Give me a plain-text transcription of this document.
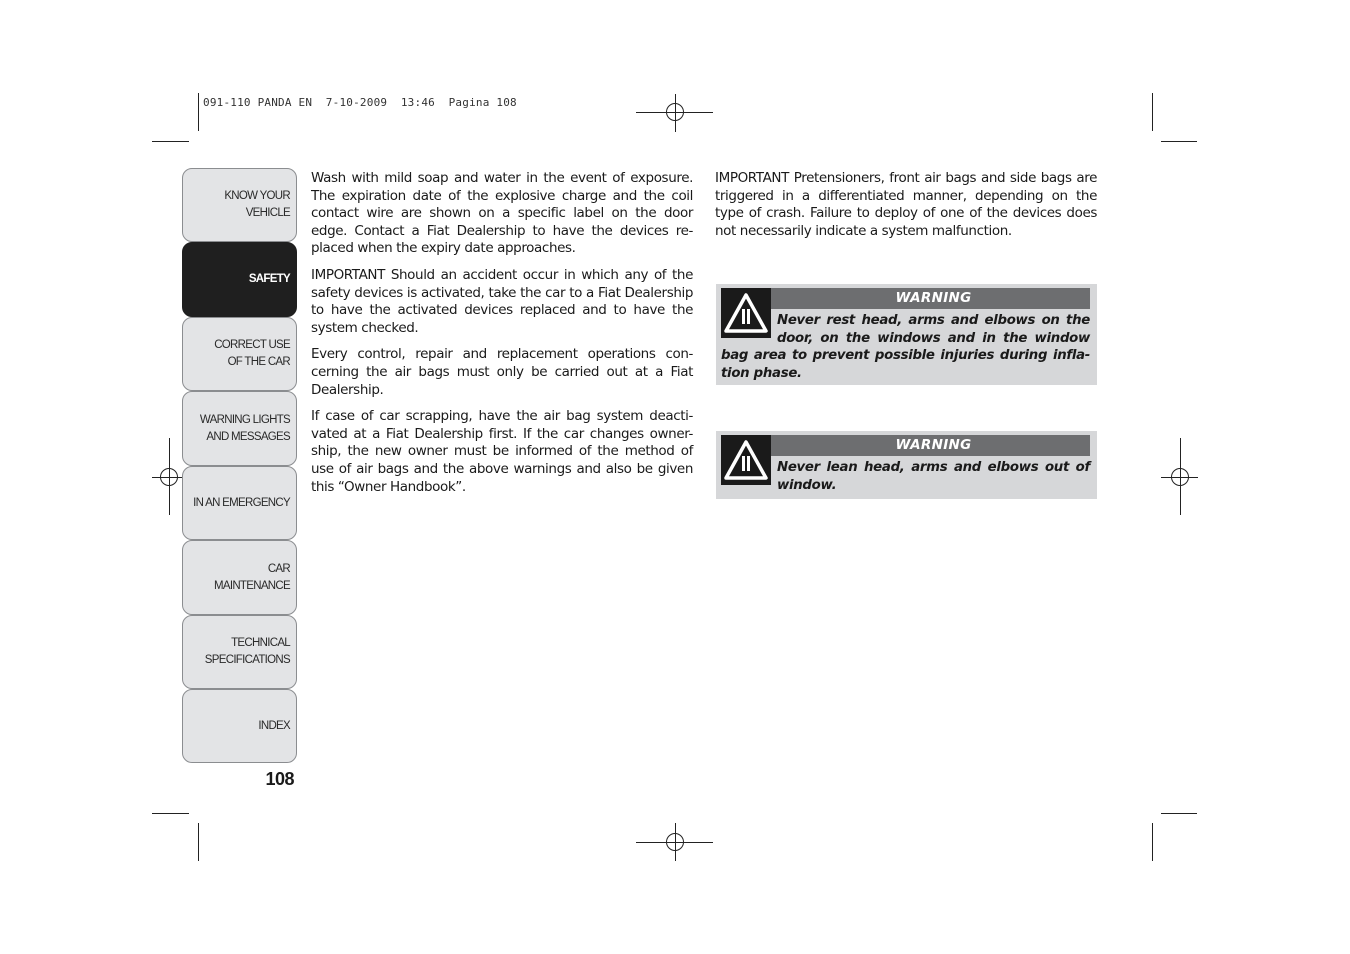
091-110 PANDA EN  7-10-2009  13:46  Pagina 108
KNOW YOUR
VEHICLE
SAFETY
CORRECT USE
OF THE CAR
WARNING LIGHTS
AND MESSAGES
IN AN EMERGENCY
CAR
MAINTENANCE
TECHNICAL
SPECIFICATIONS
INDEX
108

Wash with mild soap and water in the event of exposure. The expiration date of the explosive charge and the coil contact wire are shown on a specific label on the door edge. Contact a Fiat Dealership to have the devices re-placed when the expiry date approaches.

IMPORTANT Should an accident occur in which any of the safety devices is activated, take the car to a Fiat Dealership to have the activated devices replaced and to have the system checked.

Every control, repair and replacement operations con-cerning the air bags must only be carried out at a Fiat Dealership.

If case of car scrapping, have the air bag system deacti-vated at a Fiat Dealership first. If the car changes owner-ship, the new owner must be informed of the method of use of air bags and the above warnings and also be given this “Owner Handbook”.

IMPORTANT Pretensioners, front air bags and side bags are triggered in a differentiated manner, depending on the type of crash. Failure to deploy of one of the devices does not necessarily indicate a system malfunction.

WARNING
Never rest head, arms and elbows on the door, on the windows and in the window bag area to prevent possible injuries during infla-tion phase.
WARNING
Never lean head, arms and elbows out of window.
